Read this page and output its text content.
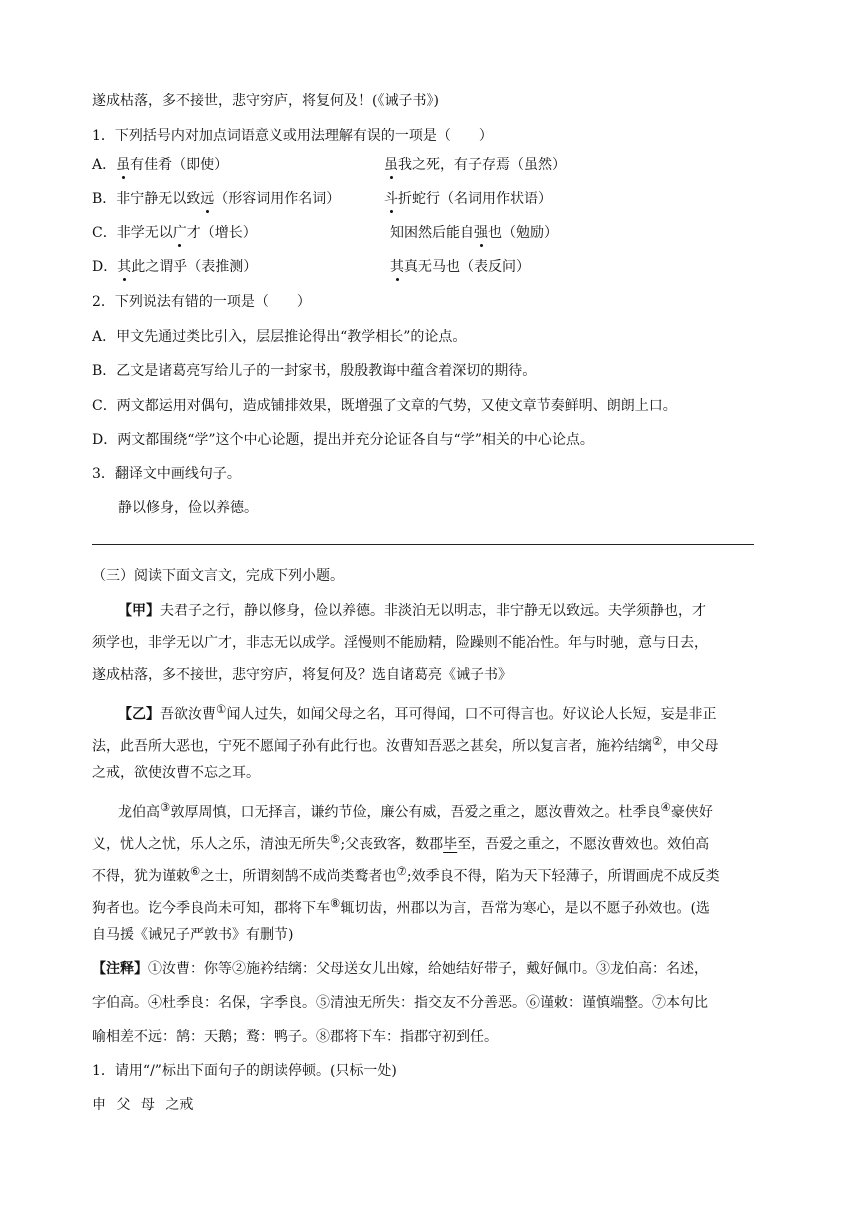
遂成枯落，多不接世，悲守穷庐，将复何及！(《诫子书》)
1．下列括号内对加点词语意义或用法理解有误的一项是（　　）
A．虽有佳肴（即使）	虽我之死，有子存焉（虽然）
B．非宁静无以致远（形容词用作名词）	斗折蛇行（名词用作状语）
C．非学无以广才（增长）	知困然后能自强也（勉励）
D．其此之谓乎（表推测）	其真无马也（表反问）
2．下列说法有错的一项是（　　）
A．甲文先通过类比引入，层层推论得出“教学相长”的论点。
B．乙文是诸葛亮写给儿子的一封家书，殷殷教诲中蕴含着深切的期待。
C．两文都运用对偶句，造成铺排效果，既增强了文章的气势，又使文章节奏鲜明、朗朗上口。
D．两文都围绕“学”这个中心论题，提出并充分论证各自与“学”相关的中心论点。
3．翻译文中画线句子。
静以修身，俭以养德。
（三）阅读下面文言文，完成下列小题。
【甲】夫君子之行，静以修身，俭以养德。非淡泊无以明志，非宁静无以致远。夫学须静也，才
须学也，非学无以广才，非志无以成学。淫慢则不能励精，险躁则不能冶性。年与时驰，意与日去，
遂成枯落，多不接世，悲守穷庐，将复何及？选自诸葛亮《诫子书》
【乙】吾欲汝曹①闻人过失，如闻父母之名，耳可得闻，口不可得言也。好议论人长短，妄是非正
法，此吾所大恶也，宁死不愿闻子孙有此行也。汝曹知吾恶之甚矣，所以复言者，施衿结缡②，申父母
之戒，欲使汝曹不忘之耳。
龙伯高③敦厚周慎，口无择言，谦约节俭，廉公有威，吾爱之重之，愿汝曹效之。杜季良④豪侠好
义，忧人之忧，乐人之乐，清浊无所失⑤;父丧致客，数郡毕至，吾爱之重之，不愿汝曹效也。效伯高
不得，犹为谨敕⑥之士，所谓刻鹄不成尚类鹜者也⑦;效季良不得，陷为天下轻薄子，所谓画虎不成反类
狗者也。讫今季良尚未可知，郡将下车⑧辄切齿，州郡以为言，吾常为寒心，是以不愿子孙效也。(选
自马援《诫兄子严敦书》有删节)
【注释】①汝曹：你等②施衿结缡：父母送女儿出嫁，给她结好带子，戴好佩巾。③龙伯高：名述，
字伯高。④杜季良：名保，字季良。⑤清浊无所失：指交友不分善恶。⑥谨敕：谨慎端整。⑦本句比
喻相差不远：鹄：天鹅；鹜：鸭子。⑧郡将下车：指郡守初到任。
1．请用“/”标出下面句子的朗读停顿。(只标一处)
申 父 母 之戒
